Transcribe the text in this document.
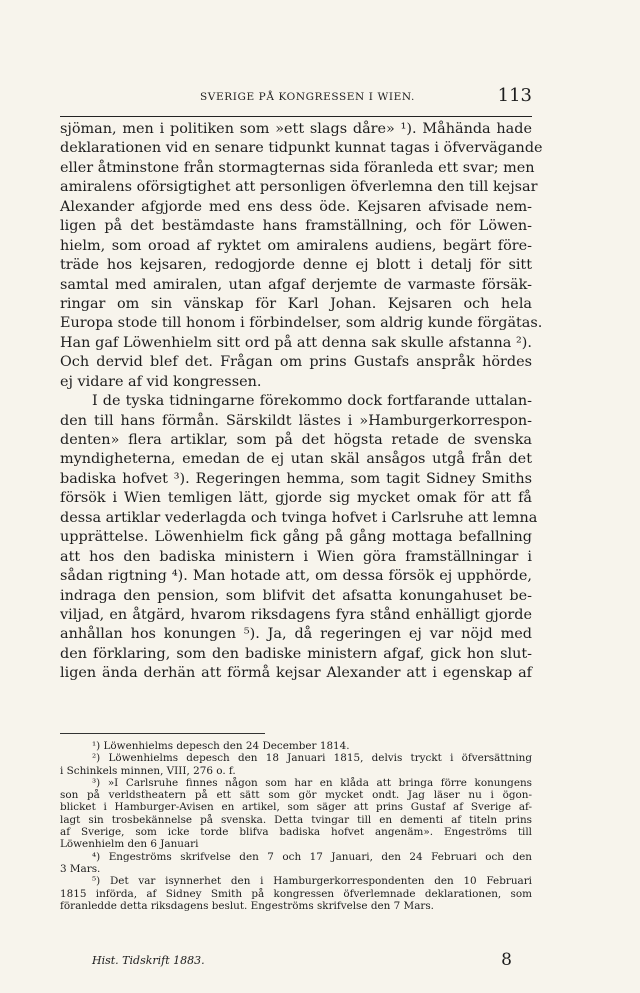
SVERIGE PÅ KONGRESSEN I WIEN.	113
sjöman, men i politiken som »ett slags dåre» ¹). Måhända hade
deklarationen vid en senare tidpunkt kunnat tagas i öfvervägande
eller åtminstone från stormagternas sida föranleda ett svar; men
amiralens oförsigtighet att personligen öfverlemna den till kejsar
Alexander afgjorde med ens dess öde. Kejsaren afvisade nem-
ligen på det bestämdaste hans framställning, och för Löwen-
hielm, som oroad af ryktet om amiralens audiens, begärt före-
träde hos kejsaren, redogjorde denne ej blott i detalj för sitt
samtal med amiralen, utan afgaf derjemte de varmaste försäk-
ringar om sin vänskap för Karl Johan. Kejsaren och hela
Europa stode till honom i förbindelser, som aldrig kunde förgätas.
Han gaf Löwenhielm sitt ord på att denna sak skulle afstanna ²).
Och dervid blef det. Frågan om prins Gustafs anspråk hördes
ej vidare af vid kongressen.
I de tyska tidningarne förekommo dock fortfarande uttalan-
den till hans förmån. Särskildt lästes i »Hamburgerkorrespon-
denten» flera artiklar, som på det högsta retade de svenska
myndigheterna, emedan de ej utan skäl ansågos utgå från det
badiska hofvet ³). Regeringen hemma, som tagit Sidney Smiths
försök i Wien temligen lätt, gjorde sig mycket omak för att få
dessa artiklar vederlagda och tvinga hofvet i Carlsruhe att lemna
upprättelse. Löwenhielm fick gång på gång mottaga befallning
att hos den badiska ministern i Wien göra framställningar i
sådan rigtning ⁴). Man hotade att, om dessa försök ej upphörde,
indraga den pension, som blifvit det afsatta konungahuset be-
viljad, en åtgärd, hvarom riksdagens fyra stånd enhälligt gjorde
anhållan hos konungen ⁵). Ja, då regeringen ej var nöjd med
den förklaring, som den badiske ministern afgaf, gick hon slut-
ligen ända derhän att förmå kejsar Alexander att i egenskap af
¹) Löwenhielms depesch den 24 December 1814.
²) Löwenhielms depesch den 18 Januari 1815, delvis tryckt i öfversättning
i Schinkels minnen, VIII, 276 o. f.
³) »I Carlsruhe finnes någon som har en klåda att bringa förre konungens
son på verldstheatern på ett sätt som gör mycket ondt. Jag läser nu i ögon-
blicket i Hamburger-Avisen en artikel, som säger att prins Gustaf af Sverige af-
lagt sin trosbekännelse på svenska. Detta tvingar till en dementi af titeln prins
af Sverige, som icke torde blifva badiska hofvet angenäm». Engeströms till
Löwenhielm den 6 Januari
⁴) Engeströms skrifvelse den 7 och 17 Januari, den 24 Februari och den
3 Mars.
⁵) Det var isynnerhet den i Hamburgerkorrespondenten den 10 Februari
1815 införda, af Sidney Smith på kongressen öfverlemnade deklarationen, som
föranledde detta riksdagens beslut. Engeströms skrifvelse den 7 Mars.
Hist. Tidskrift 1883.	8
